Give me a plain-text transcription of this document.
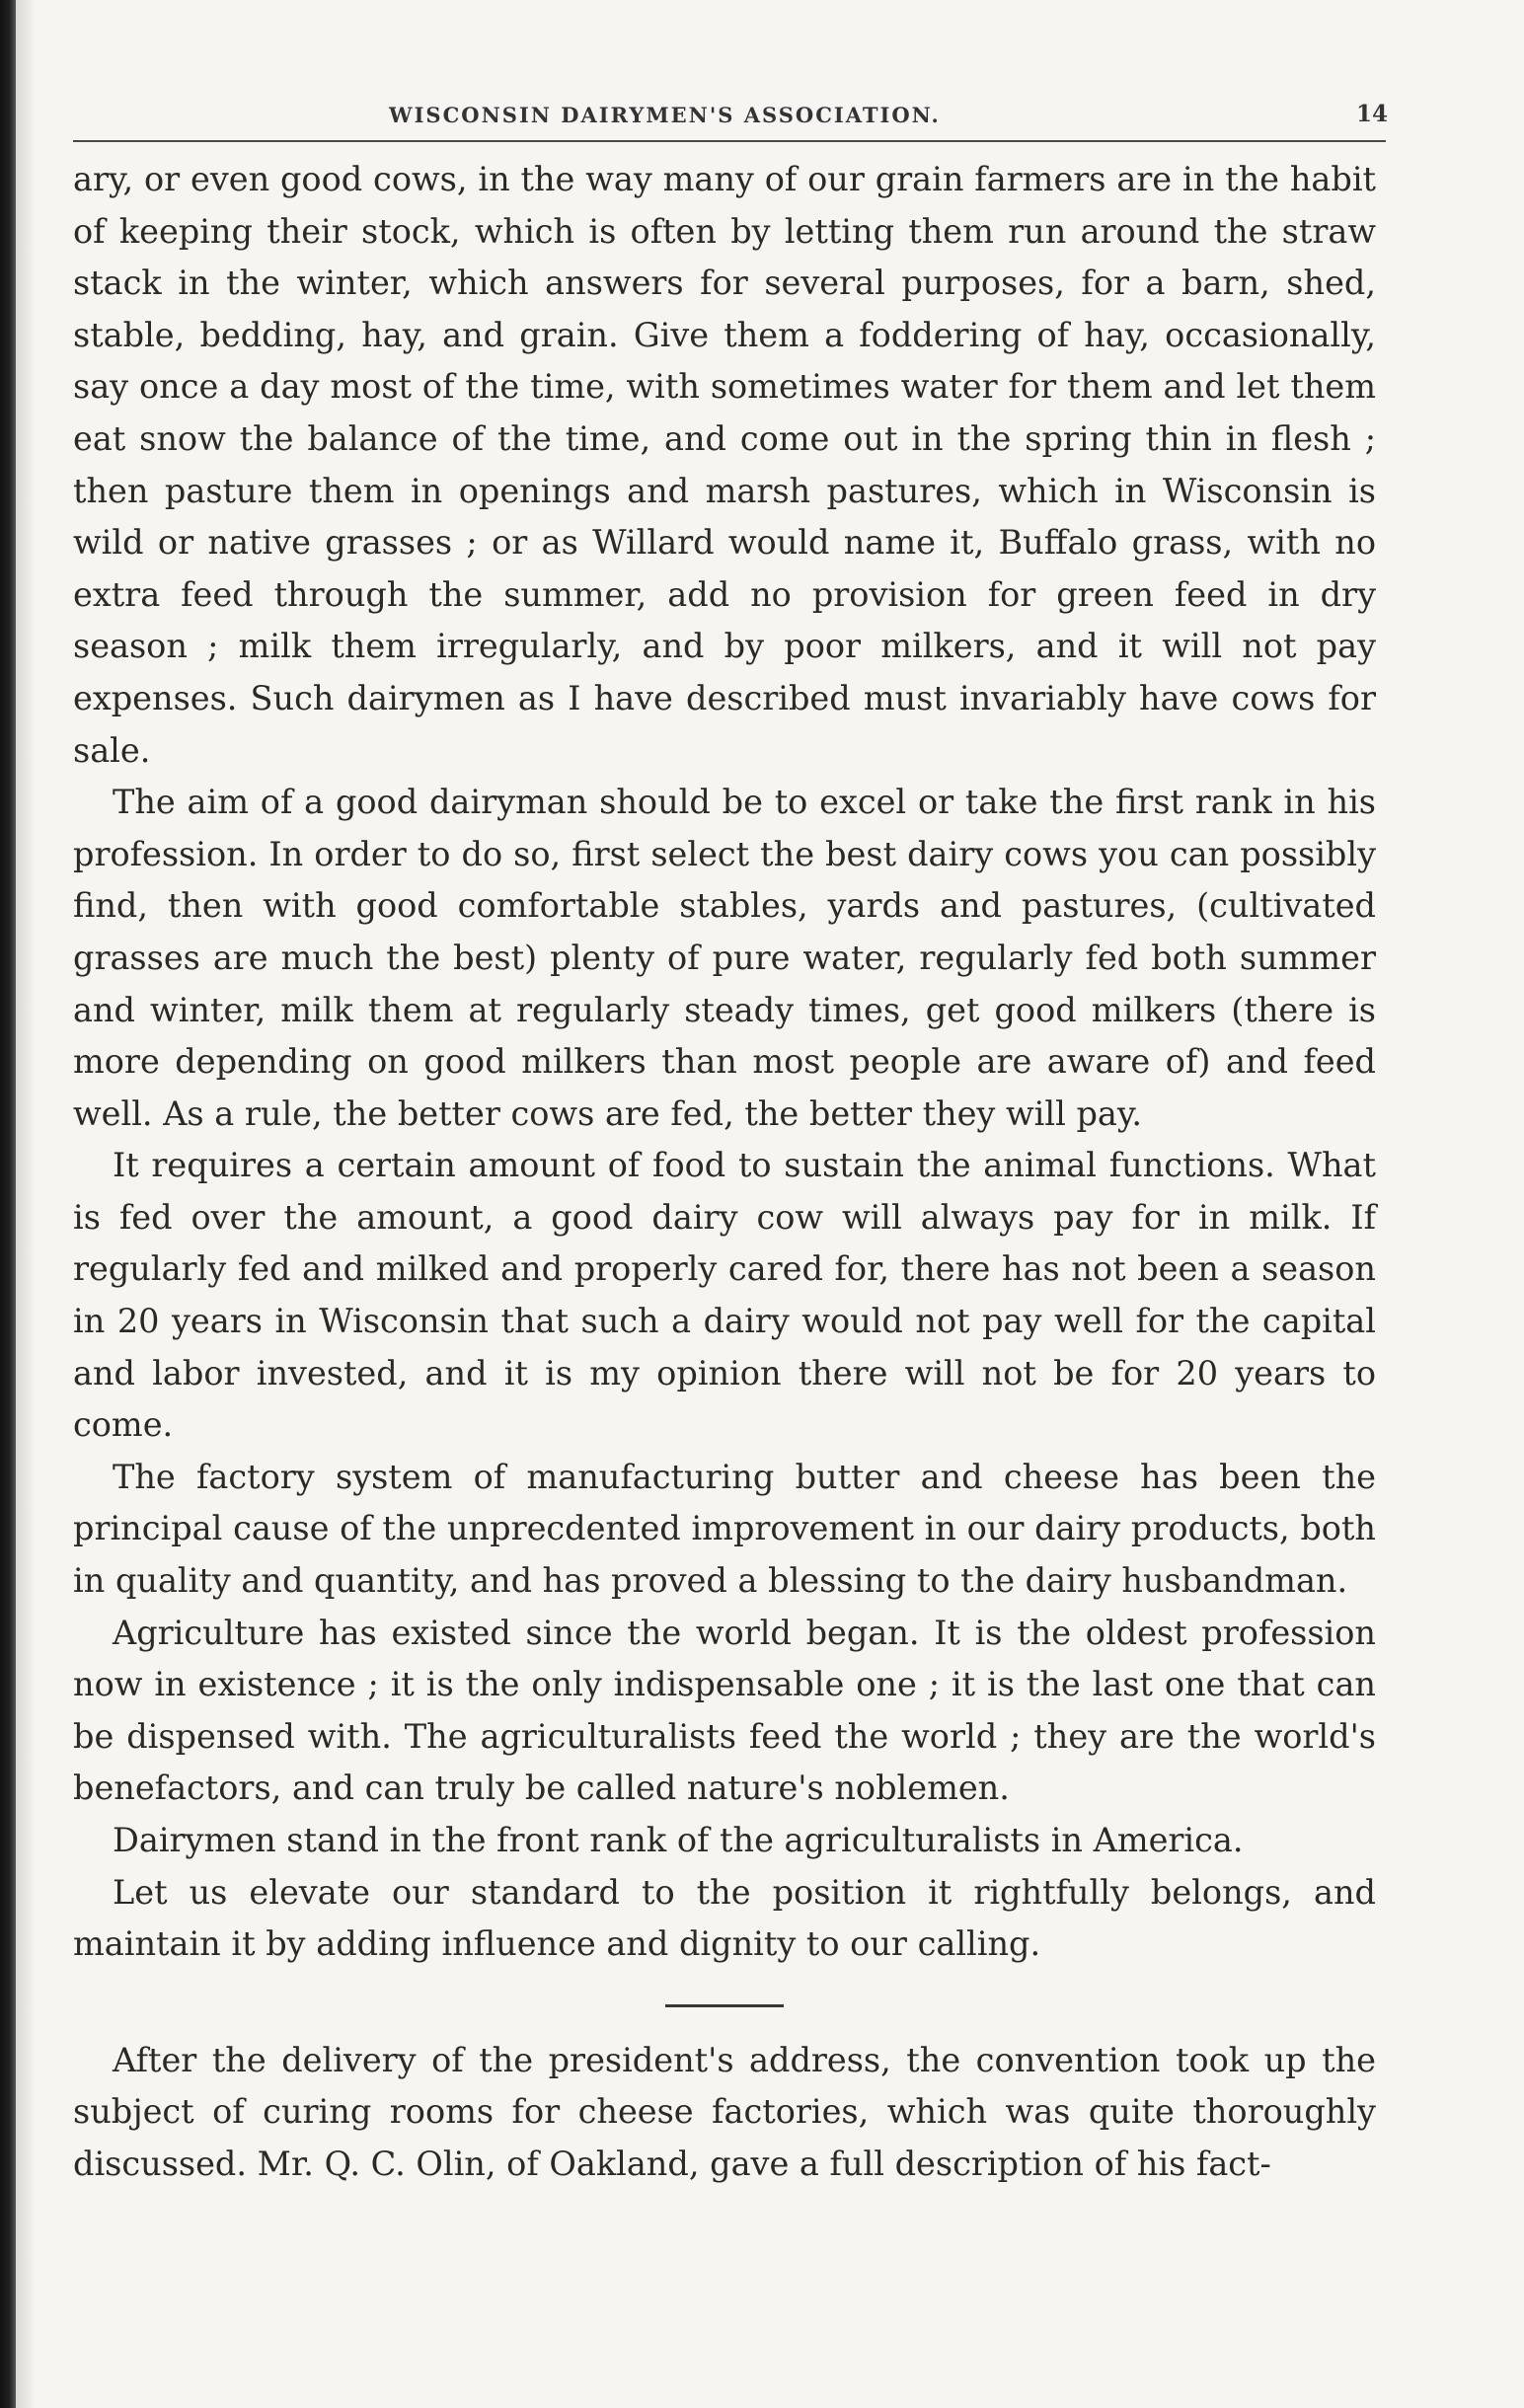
WISCONSIN DAIRYMEN'S ASSOCIATION.	14

ary, or even good cows, in the way many of our grain farmers are in the habit of keeping their stock, which is often by letting them run around the straw stack in the winter, which answers for several purposes, for a barn, shed, stable, bedding, hay, and grain. Give them a foddering of hay, occasionally, say once a day most of the time, with sometimes water for them and let them eat snow the balance of the time, and come out in the spring thin in flesh ; then pasture them in openings and marsh pastures, which in Wisconsin is wild or native grasses ; or as Willard would name it, Buffalo grass, with no extra feed through the summer, add no provision for green feed in dry season ; milk them irregularly, and by poor milkers, and it will not pay expenses. Such dairymen as I have described must invariably have cows for sale.

The aim of a good dairyman should be to excel or take the first rank in his profession. In order to do so, first select the best dairy cows you can possibly find, then with good comfortable stables, yards and pastures, (cultivated grasses are much the best) plenty of pure water, regularly fed both summer and winter, milk them at regularly steady times, get good milkers (there is more depending on good milkers than most people are aware of) and feed well. As a rule, the better cows are fed, the better they will pay.

It requires a certain amount of food to sustain the animal functions. What is fed over the amount, a good dairy cow will always pay for in milk. If regularly fed and milked and properly cared for, there has not been a season in 20 years in Wisconsin that such a dairy would not pay well for the capital and labor invested, and it is my opinion there will not be for 20 years to come.

The factory system of manufacturing butter and cheese has been the principal cause of the unprecdented improvement in our dairy products, both in quality and quantity, and has proved a blessing to the dairy husbandman.

Agriculture has existed since the world began. It is the oldest profession now in existence ; it is the only indispensable one ; it is the last one that can be dispensed with. The agriculturalists feed the world ; they are the world's benefactors, and can truly be called nature's noblemen.

Dairymen stand in the front rank of the agriculturalists in America.

Let us elevate our standard to the position it rightfully belongs, and maintain it by adding influence and dignity to our calling.

After the delivery of the president's address, the convention took up the subject of curing rooms for cheese factories, which was quite thoroughly discussed. Mr. Q. C. Olin, of Oakland, gave a full description of his fact-
